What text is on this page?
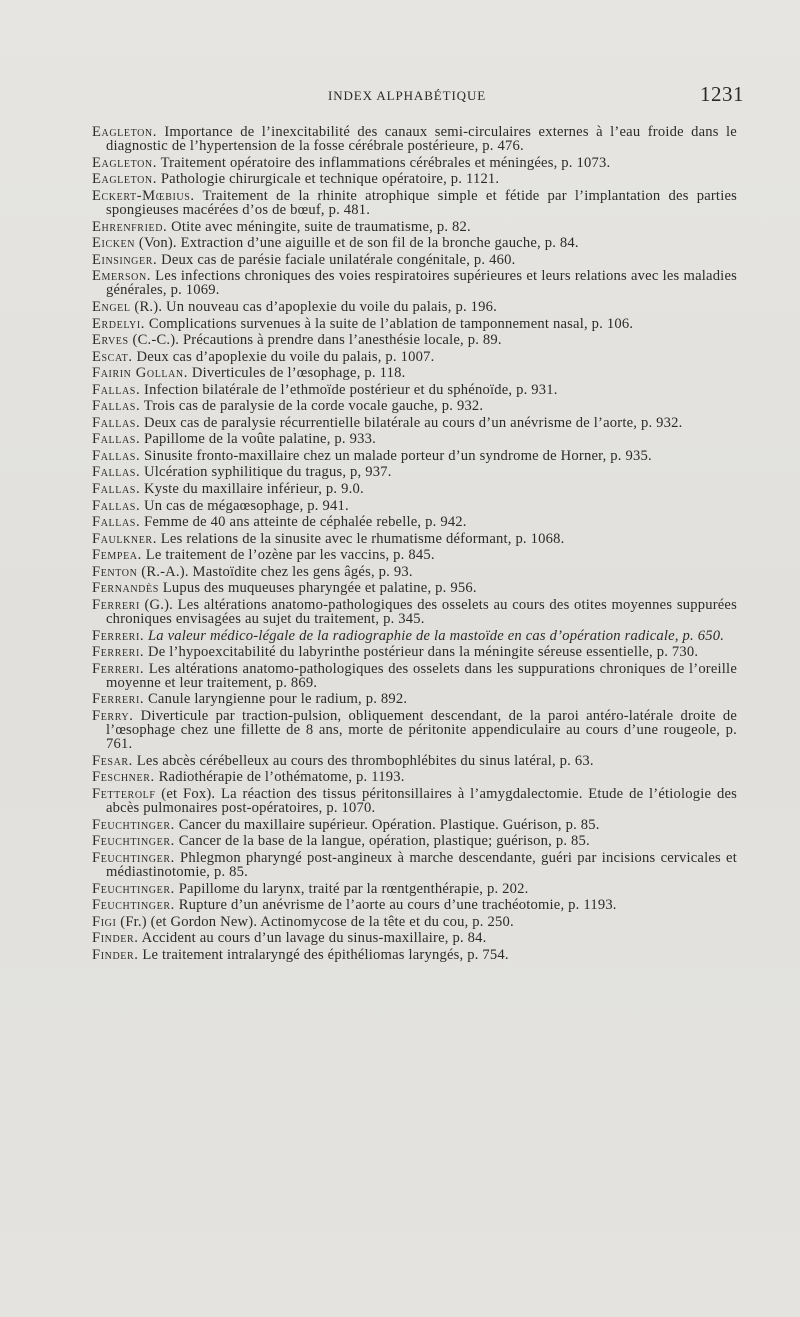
INDEX ALPHABÉTIQUE	1231
Eagleton. Importance de l’inexcitabilité des canaux semi-circulaires externes à l’eau froide dans le diagnostic de l’hypertension de la fosse cérébrale postérieure, p. 476.
Eagleton. Traitement opératoire des inflammations cérébrales et méningées, p. 1073.
Eagleton. Pathologie chirurgicale et technique opératoire, p. 1121.
Eckert-Mœbius. Traitement de la rhinite atrophique simple et fétide par l’implantation des parties spongieuses macérées d’os de bœuf, p. 481.
Ehrenfried. Otite avec méningite, suite de traumatisme, p. 82.
Eicken (Von). Extraction d’une aiguille et de son fil de la bronche gauche, p. 84.
Einsinger. Deux cas de parésie faciale unilatérale congénitale, p. 460.
Emerson. Les infections chroniques des voies respiratoires supérieures et leurs relations avec les maladies générales, p. 1069.
Engel (R.). Un nouveau cas d’apoplexie du voile du palais, p. 196.
Erdelyi. Complications survenues à la suite de l’ablation de tamponnement nasal, p. 106.
Erves (C.-C.). Précautions à prendre dans l’anesthésie locale, p. 89.
Escat. Deux cas d’apoplexie du voile du palais, p. 1007.
Fairin Gollan. Diverticules de l’œsophage, p. 118.
Fallas. Infection bilatérale de l’ethmoïde postérieur et du sphénoïde, p. 931.
Fallas. Trois cas de paralysie de la corde vocale gauche, p. 932.
Fallas. Deux cas de paralysie récurrentielle bilatérale au cours d’un anévrisme de l’aorte, p. 932.
Fallas. Papillome de la voûte palatine, p. 933.
Fallas. Sinusite fronto-maxillaire chez un malade porteur d’un syndrome de Horner, p. 935.
Fallas. Ulcération syphilitique du tragus, p, 937.
Fallas. Kyste du maxillaire inférieur, p. 9.0.
Fallas. Un cas de mégaœsophage, p. 941.
Fallas. Femme de 40 ans atteinte de céphalée rebelle, p. 942.
Faulkner. Les relations de la sinusite avec le rhumatisme déformant, p. 1068.
Fempea. Le traitement de l’ozène par les vaccins, p. 845.
Fenton (R.-A.). Mastoïdite chez les gens âgés, p. 93.
Fernandès Lupus des muqueuses pharyngée et palatine, p. 956.
Ferreri (G.). Les altérations anatomo-pathologiques des osselets au cours des otites moyennes suppurées chroniques envisagées au sujet du traitement, p. 345.
Ferreri. La valeur médico-légale de la radiographie de la mastoïde en cas d’opération radicale, p. 650.
Ferreri. De l’hypoexcitabilité du labyrinthe postérieur dans la méningite séreuse essentielle, p. 730.
Ferreri. Les altérations anatomo-pathologiques des osselets dans les suppurations chroniques de l’oreille moyenne et leur traitement, p. 869.
Ferreri. Canule laryngienne pour le radium, p. 892.
Ferry. Diverticule par traction-pulsion, obliquement descendant, de la paroi antéro-latérale droite de l’œsophage chez une fillette de 8 ans, morte de péritonite appendiculaire au cours d’une rougeole, p. 761.
Fesar. Les abcès cérébelleux au cours des thrombophlébites du sinus latéral, p. 63.
Feschner. Radiothérapie de l’othématome, p. 1193.
Fetterolf (et Fox). La réaction des tissus péritonsillaires à l’amygdalectomie. Etude de l’étiologie des abcès pulmonaires post-opératoires, p. 1070.
Feuchtinger. Cancer du maxillaire supérieur. Opération. Plastique. Guérison, p. 85.
Feuchtinger. Cancer de la base de la langue, opération, plastique; guérison, p. 85.
Feuchtinger. Phlegmon pharyngé post-angineux à marche descendante, guéri par incisions cervicales et médiastinotomie, p. 85.
Feuchtinger. Papillome du larynx, traité par la rœntgenthérapie, p. 202.
Feuchtinger. Rupture d’un anévrisme de l’aorte au cours d’une trachéotomie, p. 1193.
Figi (Fr.) (et Gordon New). Actinomycose de la tête et du cou, p. 250.
Finder. Accident au cours d’un lavage du sinus-maxillaire, p. 84.
Finder. Le traitement intralaryngé des épithéliomas laryngés, p. 754.
